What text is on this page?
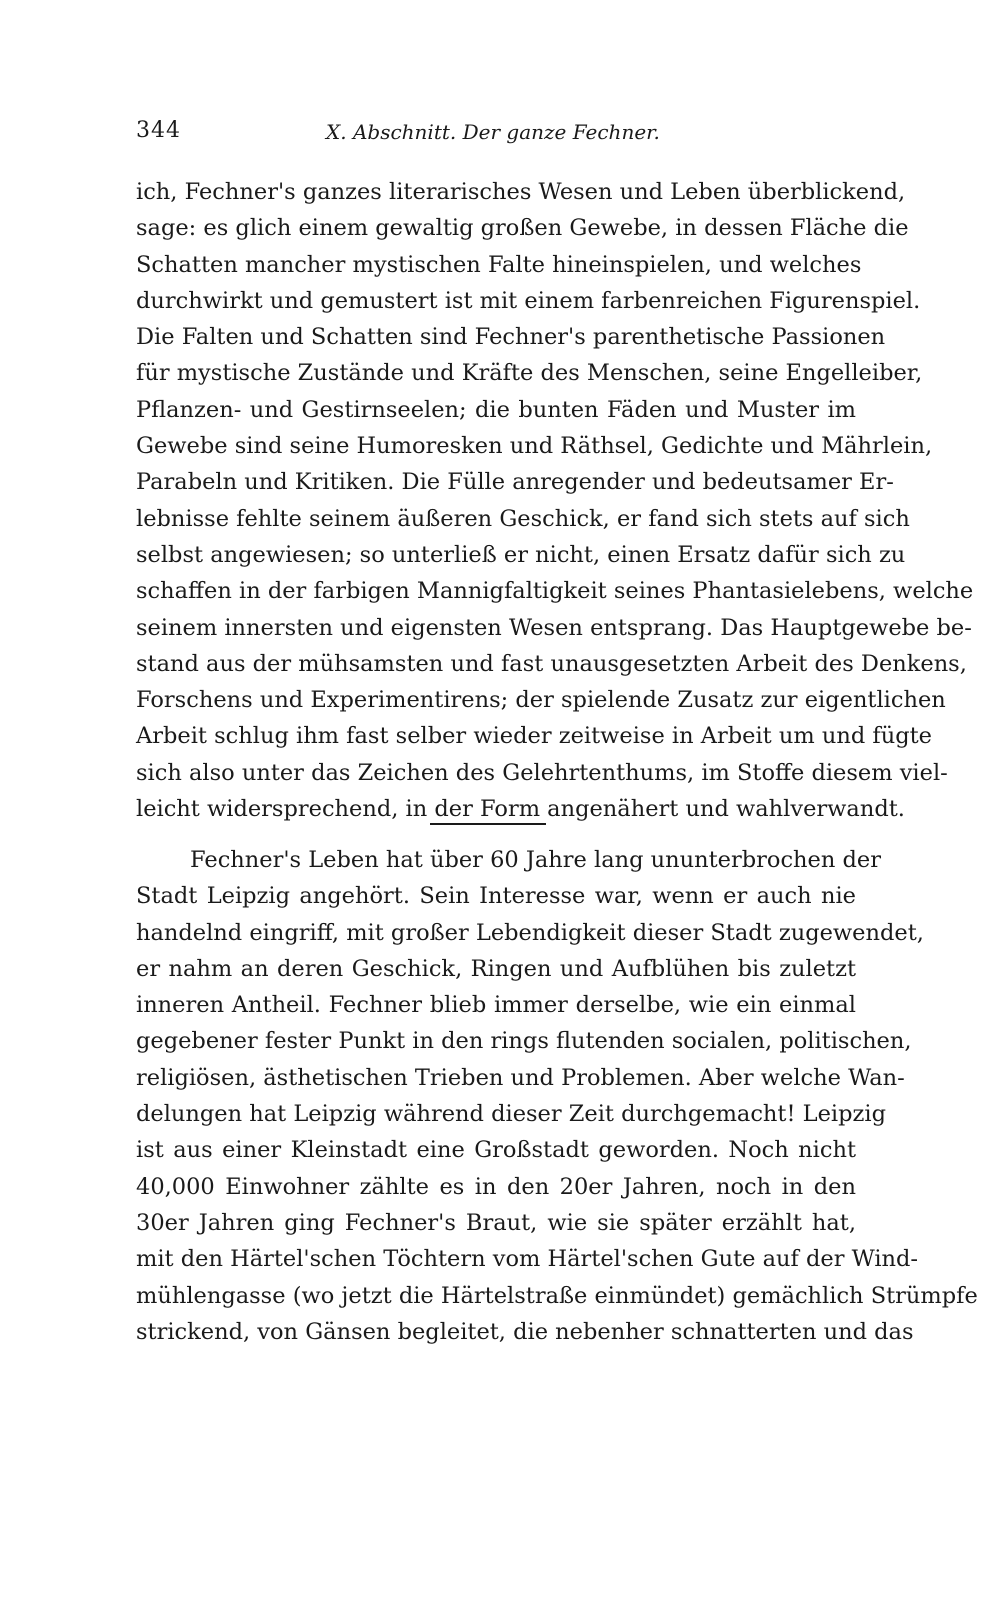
344	X. Abschnitt. Der ganze Fechner.
ich, Fechner's ganzes literarisches Wesen und Leben überblickend,
sage: es glich einem gewaltig großen Gewebe, in dessen Fläche die
Schatten mancher mystischen Falte hineinspielen, und welches
durchwirkt und gemustert ist mit einem farbenreichen Figurenspiel.
Die Falten und Schatten sind Fechner's parenthetische Passionen
für mystische Zustände und Kräfte des Menschen, seine Engelleiber,
Pflanzen- und Gestirnseelen; die bunten Fäden und Muster im
Gewebe sind seine Humoresken und Räthsel, Gedichte und Mährlein,
Parabeln und Kritiken. Die Fülle anregender und bedeutsamer Er-
lebnisse fehlte seinem äußeren Geschick, er fand sich stets auf sich
selbst angewiesen; so unterließ er nicht, einen Ersatz dafür sich zu
schaffen in der farbigen Mannigfaltigkeit seines Phantasielebens, welche
seinem innersten und eigensten Wesen entsprang. Das Hauptgewebe be-
stand aus der mühsamsten und fast unausgesetzten Arbeit des Denkens,
Forschens und Experimentirens; der spielende Zusatz zur eigentlichen
Arbeit schlug ihm fast selber wieder zeitweise in Arbeit um und fügte
sich also unter das Zeichen des Gelehrtenthums, im Stoffe diesem viel-
leicht widersprechend, in der Form angenähert und wahlverwandt.
Fechner's Leben hat über 60 Jahre lang ununterbrochen der
Stadt Leipzig angehört. Sein Interesse war, wenn er auch nie
handelnd eingriff, mit großer Lebendigkeit dieser Stadt zugewendet,
er nahm an deren Geschick, Ringen und Aufblühen bis zuletzt
inneren Antheil. Fechner blieb immer derselbe, wie ein einmal
gegebener fester Punkt in den rings flutenden socialen, politischen,
religiösen, ästhetischen Trieben und Problemen. Aber welche Wan-
delungen hat Leipzig während dieser Zeit durchgemacht! Leipzig
ist aus einer Kleinstadt eine Großstadt geworden. Noch nicht
40,000 Einwohner zählte es in den 20er Jahren, noch in den
30er Jahren ging Fechner's Braut, wie sie später erzählt hat,
mit den Härtel'schen Töchtern vom Härtel'schen Gute auf der Wind-
mühlengasse (wo jetzt die Härtelstraße einmündet) gemächlich Strümpfe
strickend, von Gänsen begleitet, die nebenher schnatterten und das
